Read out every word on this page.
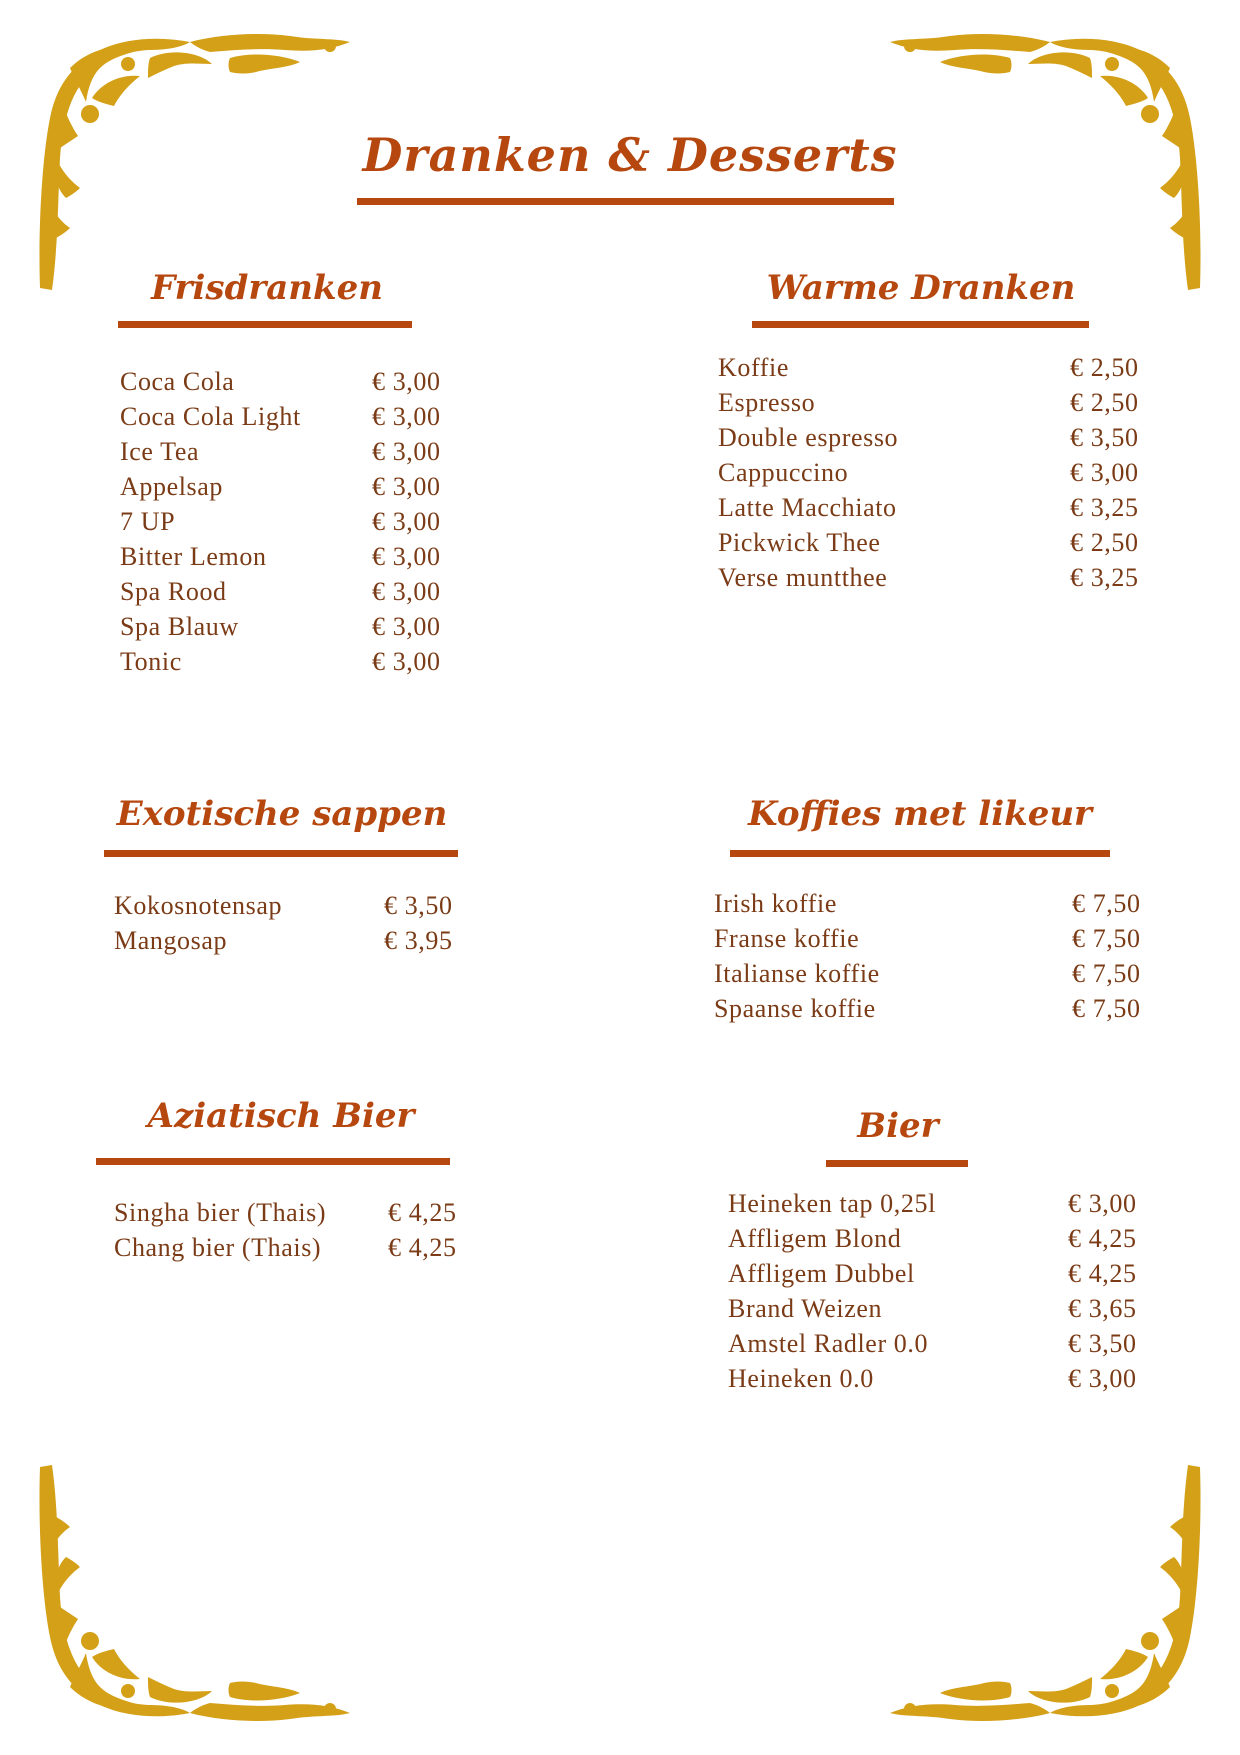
Dranken & Desserts
Frisdranken
Coca Cola	€ 3,00
Coca Cola Light	€ 3,00
Ice Tea	€ 3,00
Appelsap	€ 3,00
7 UP	€ 3,00
Bitter Lemon	€ 3,00
Spa Rood	€ 3,00
Spa Blauw	€ 3,00
Tonic	€ 3,00
Warme Dranken
Koffie	€ 2,50
Espresso	€ 2,50
Double espresso	€ 3,50
Cappuccino	€ 3,00
Latte Macchiato	€ 3,25
Pickwick Thee	€ 2,50
Verse muntthee	€ 3,25
Exotische sappen
Kokosnotensap	€ 3,50
Mangosap	€ 3,95
Koffies met likeur
Irish koffie	€ 7,50
Franse koffie	€ 7,50
Italianse koffie	€ 7,50
Spaanse koffie	€ 7,50
Aziatisch Bier
Singha bier (Thais) € 4,25
Chang bier (Thais)	€ 4,25
Bier
Heineken tap 0,25l	€ 3,00
Affligem Blond	€ 4,25
Affligem Dubbel	€ 4,25
Brand Weizen	€ 3,65
Amstel Radler 0.0	€ 3,50
Heineken 0.0	€ 3,00
